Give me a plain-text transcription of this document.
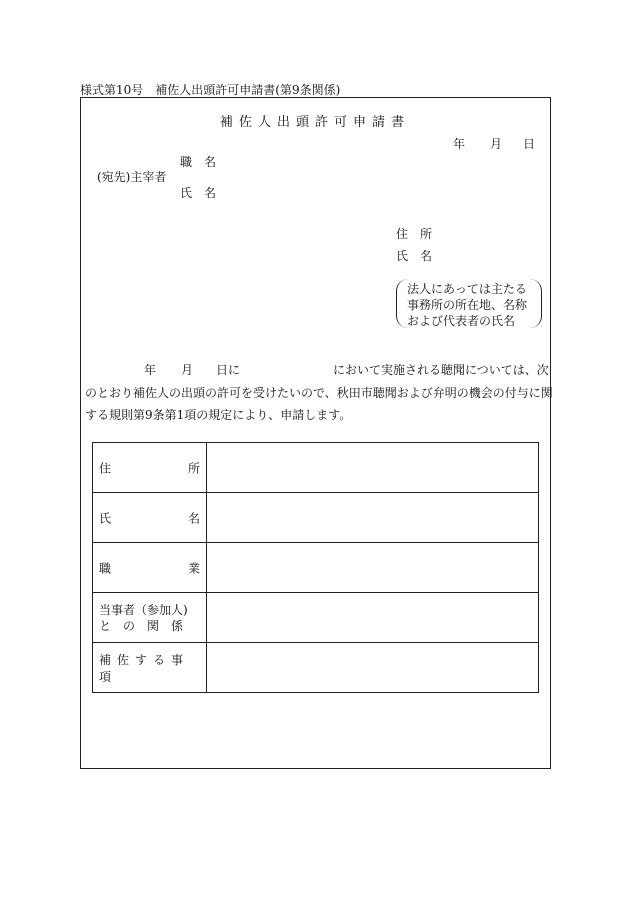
様式第10号　補佐人出頭許可申請書(第9条関係)
補佐人出頭許可申請書
年 月 日
職　名
(宛先)主宰者
氏　名
住　所
氏　名
法人にあっては主たる事務所の所在地、名称および代表者の氏名
年 月 日に	において実施される聴聞については、次
のとおり補佐人の出頭の許可を受けたいので、秋田市聴聞および弁明の機会の付与に関
する規則第9条第1項の規定により、申請します。
住 所	

氏 名	

職 業	

当事者（参加人)
と　の　関　係	

補佐する事項	
